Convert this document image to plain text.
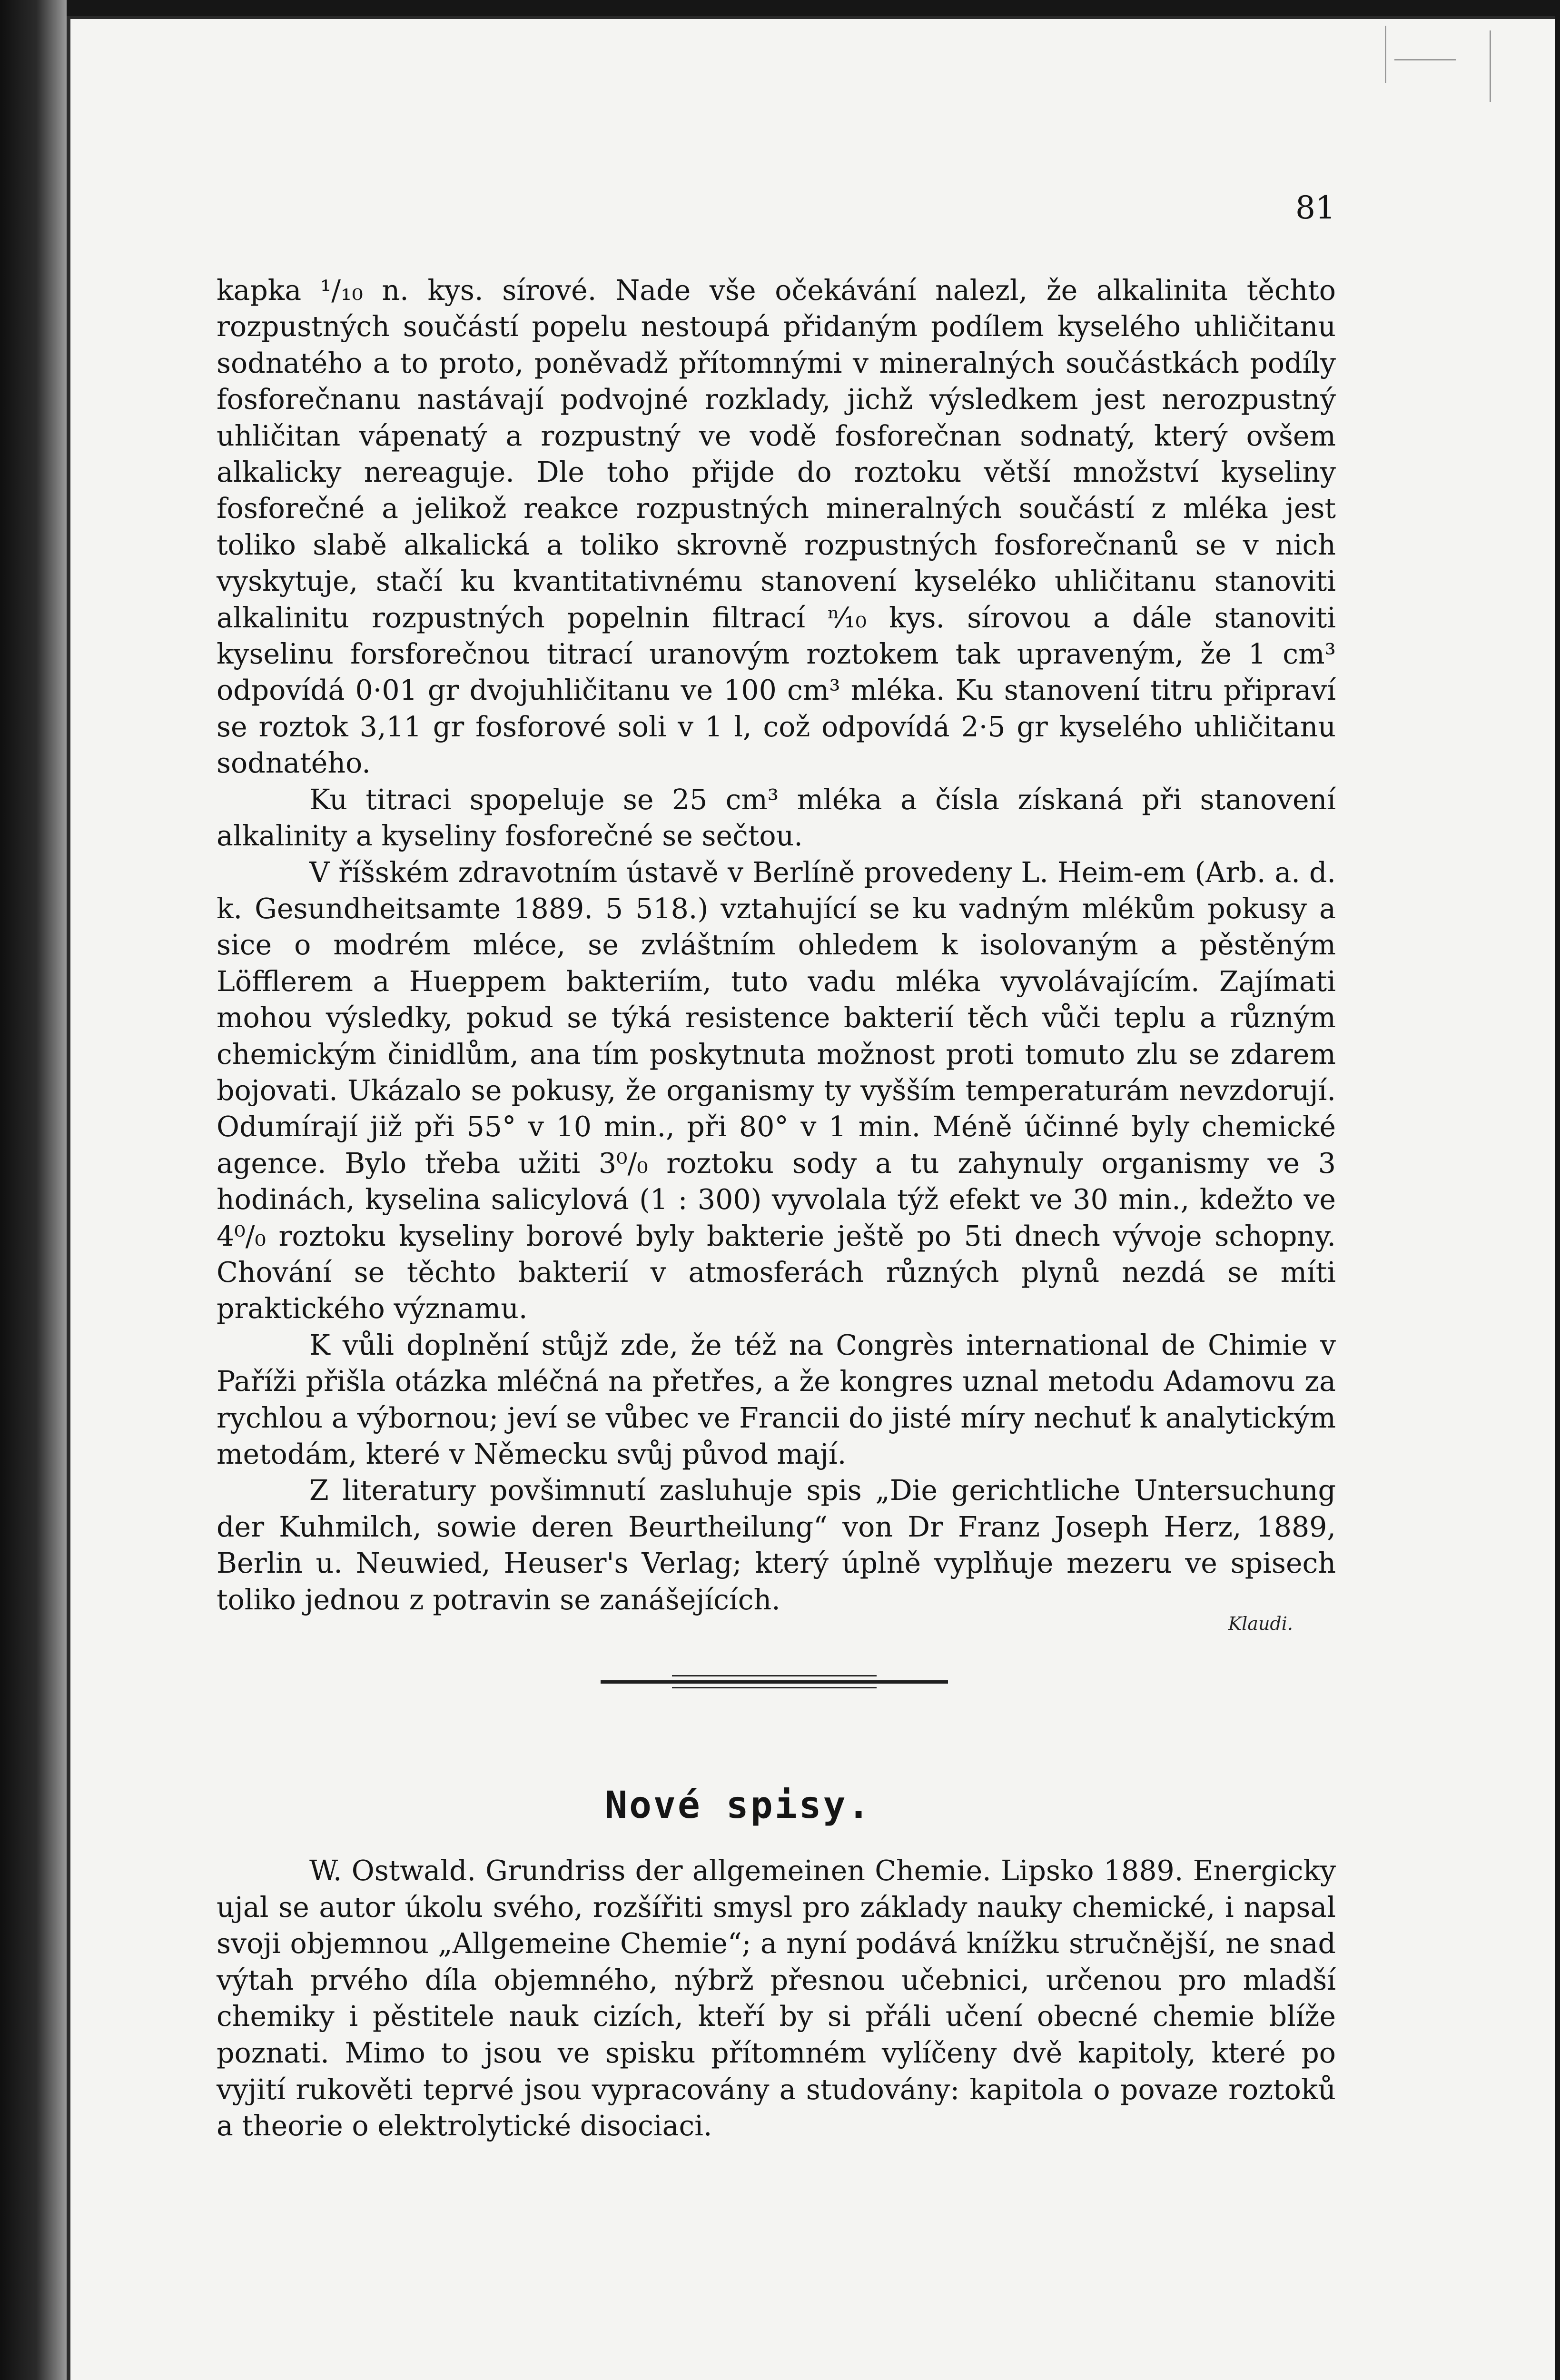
81

kapka ¹/₁₀ n. kys. sírové. Nade vše očekávání nalezl, že alkalinita těchto rozpustných součástí popelu nestoupá přidaným podílem kyselého uhličitanu sodnatého a to proto, poněvadž přítomnými v mineralných součástkách podíly fosforečnanu nastávají podvojné rozklady, jichž výsledkem jest nerozpustný uhličitan vápenatý a rozpustný ve vodě fosforečnan sodnatý, který ovšem alkalicky nereaguje. Dle toho přijde do roztoku větší množství kyseliny fosforečné a jelikož reakce rozpustných mineralných součástí z mléka jest toliko slabě alkalická a toliko skrovně rozpustných fosforečnanů se v nich vyskytuje, stačí ku kvantitativnému stanovení kyseléko uhličitanu stanoviti alkalinitu rozpustných popelnin filtrací ⁿ⁄₁₀ kys. sírovou a dále stanoviti kyselinu forsforečnou titrací uranovým roztokem tak upraveným, že 1 cm³ odpovídá 0·01 gr dvojuhličitanu ve 100 cm³ mléka. Ku stanovení titru připraví se roztok 3,11 gr fosforové soli v 1 l, což odpovídá 2·5 gr kyselého uhličitanu sodnatého.

Ku titraci spopeluje se 25 cm³ mléka a čísla získaná při stanovení alkalinity a kyseliny fosforečné se sečtou.

V říšském zdravotním ústavě v Berlíně provedeny L. Heim-em (Arb. a. d. k. Gesundheitsamte 1889. 5 518.) vztahující se ku vadným mlékům pokusy a sice o modrém mléce, se zvláštním ohledem k isolovaným a pěstěným Löfflerem a Hueppem bakteriím, tuto vadu mléka vyvolávajícím. Zajímati mohou výsledky, pokud se týká resistence bakterií těch vůči teplu a různým chemickým činidlům, ana tím poskytnuta možnost proti tomuto zlu se zdarem bojovati. Ukázalo se pokusy, že organismy ty vyšším temperaturám nevzdorují. Odumírají již při 55° v 10 min., při 80° v 1 min. Méně účinné byly chemické agence. Bylo třeba užiti 3⁰/₀ roztoku sody a tu zahynuly organismy ve 3 hodinách, kyselina salicylová (1 : 300) vyvolala týž efekt ve 30 min., kdežto ve 4⁰/₀ roztoku kyseliny borové byly bakterie ještě po 5ti dnech vývoje schopny. Chování se těchto bakterií v atmosferách různých plynů nezdá se míti praktického významu.

K vůli doplnění stůjž zde, že též na Congrès international de Chimie v Paříži přišla otázka mléčná na přetřes, a že kongres uznal metodu Adamovu za rychlou a výbornou; jeví se vůbec ve Francii do jisté míry nechuť k analytickým metodám, které v Německu svůj původ mají.

Z literatury povšimnutí zasluhuje spis „Die gerichtliche Untersuchung der Kuhmilch, sowie deren Beurtheilung“ von Dr Franz Joseph Herz, 1889, Berlin u. Neuwied, Heuser's Verlag; který úplně vyplňuje mezeru ve spisech toliko jednou z potravin se zanášejících.

Klaudi.
Nové spisy.

W. Ostwald. Grundriss der allgemeinen Chemie. Lipsko 1889. Energicky ujal se autor úkolu svého, rozšířiti smysl pro základy nauky chemické, i napsal svoji objemnou „Allgemeine Chemie“; a nyní podává knížku stručnější, ne snad výtah prvého díla objemného, nýbrž přesnou učebnici, určenou pro mladší chemiky i pěstitele nauk cizích, kteří by si přáli učení obecné chemie blíže poznati. Mimo to jsou ve spisku přítomném vylíčeny dvě kapitoly, které po vyjití rukověti teprvé jsou vypracovány a studovány: kapitola o povaze roztoků a theorie o elektrolytické disociaci.
